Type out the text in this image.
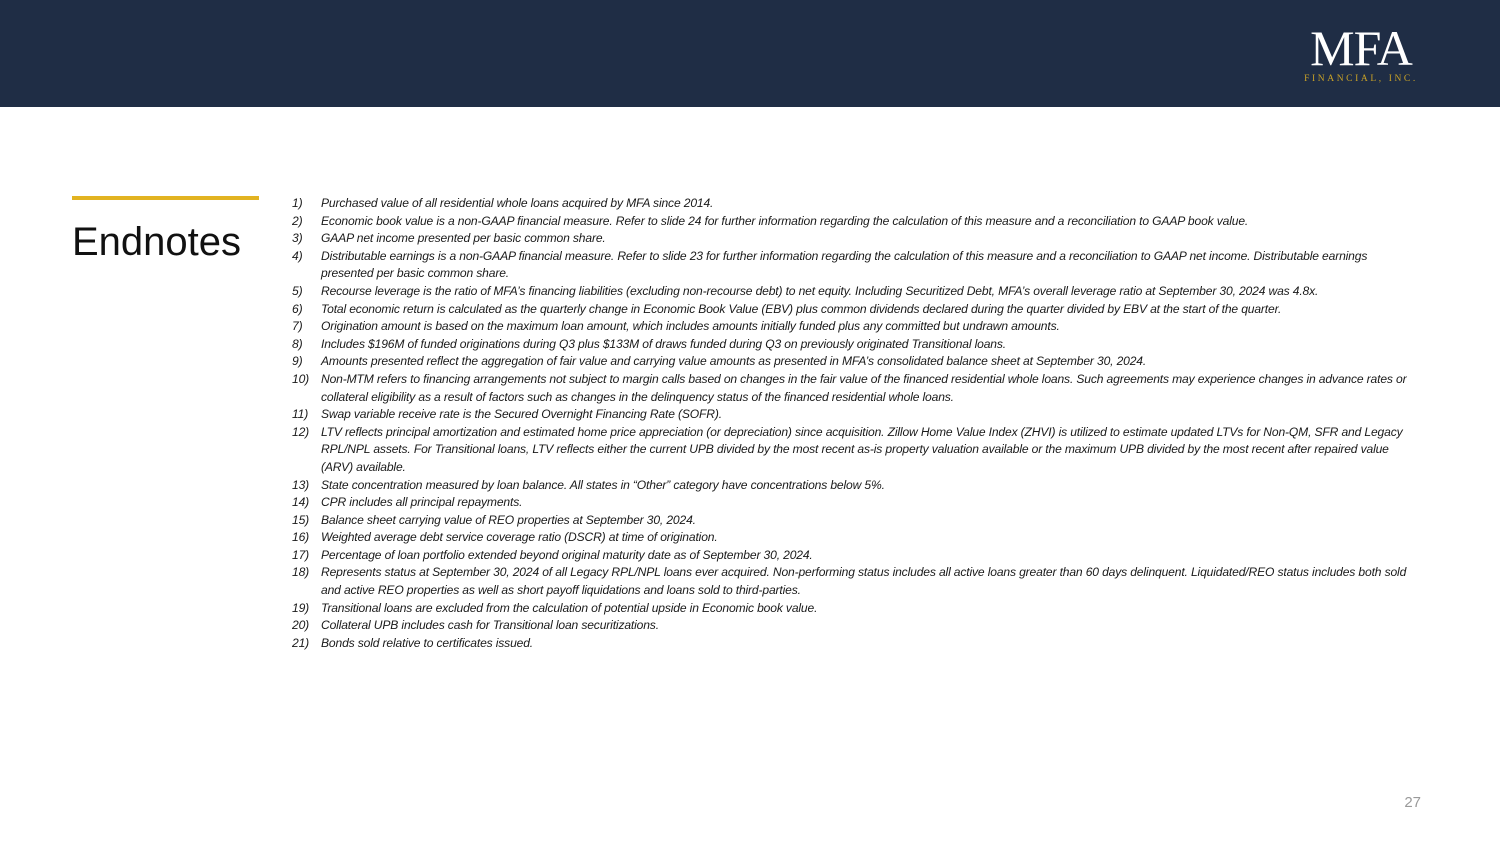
MFA
FINANCIAL, INC.
Endnotes
1)	Purchased value of all residential whole loans acquired by MFA since 2014.
2)	Economic book value is a non-GAAP financial measure. Refer to slide 24 for further information regarding the calculation of this measure and a reconciliation to GAAP book value.
3)	GAAP net income presented per basic common share.
4)	Distributable earnings is a non-GAAP financial measure. Refer to slide 23 for further information regarding the calculation of this measure and a reconciliation to GAAP net income. Distributable earnings presented per basic common share.
5)	Recourse leverage is the ratio of MFA’s financing liabilities (excluding non-recourse debt) to net equity. Including Securitized Debt, MFA’s overall leverage ratio at September 30, 2024 was 4.8x.
6)	Total economic return is calculated as the quarterly change in Economic Book Value (EBV) plus common dividends declared during the quarter divided by EBV at the start of the quarter.
7)	Origination amount is based on the maximum loan amount, which includes amounts initially funded plus any committed but undrawn amounts.
8)	Includes $196M of funded originations during Q3 plus $133M of draws funded during Q3 on previously originated Transitional loans.
9)	Amounts presented reflect the aggregation of fair value and carrying value amounts as presented in MFA’s consolidated balance sheet at September 30, 2024.
10) Non-MTM refers to financing arrangements not subject to margin calls based on changes in the fair value of the financed residential whole loans. Such agreements may experience changes in advance rates or collateral eligibility as a result of factors such as changes in the delinquency status of the financed residential whole loans.
11)	Swap variable receive rate is the Secured Overnight Financing Rate (SOFR).
12) LTV reflects principal amortization and estimated home price appreciation (or depreciation) since acquisition. Zillow Home Value Index (ZHVI) is utilized to estimate updated LTVs for Non-QM, SFR and Legacy RPL/NPL assets. For Transitional loans, LTV reflects either the current UPB divided by the most recent as-is property valuation available or the maximum UPB divided by the most recent after repaired value (ARV) available.
13) State concentration measured by loan balance. All states in “Other” category have concentrations below 5%.
14) CPR includes all principal repayments.
15) Balance sheet carrying value of REO properties at September 30, 2024.
16) Weighted average debt service coverage ratio (DSCR) at time of origination.
17) Percentage of loan portfolio extended beyond original maturity date as of September 30, 2024.
18) Represents status at September 30, 2024 of all Legacy RPL/NPL loans ever acquired. Non-performing status includes all active loans greater than 60 days delinquent. Liquidated/REO status includes both sold and active REO properties as well as short payoff liquidations and loans sold to third-parties.
19) Transitional loans are excluded from the calculation of potential upside in Economic book value.
20) Collateral UPB includes cash for Transitional loan securitizations.
21) Bonds sold relative to certificates issued.
27
